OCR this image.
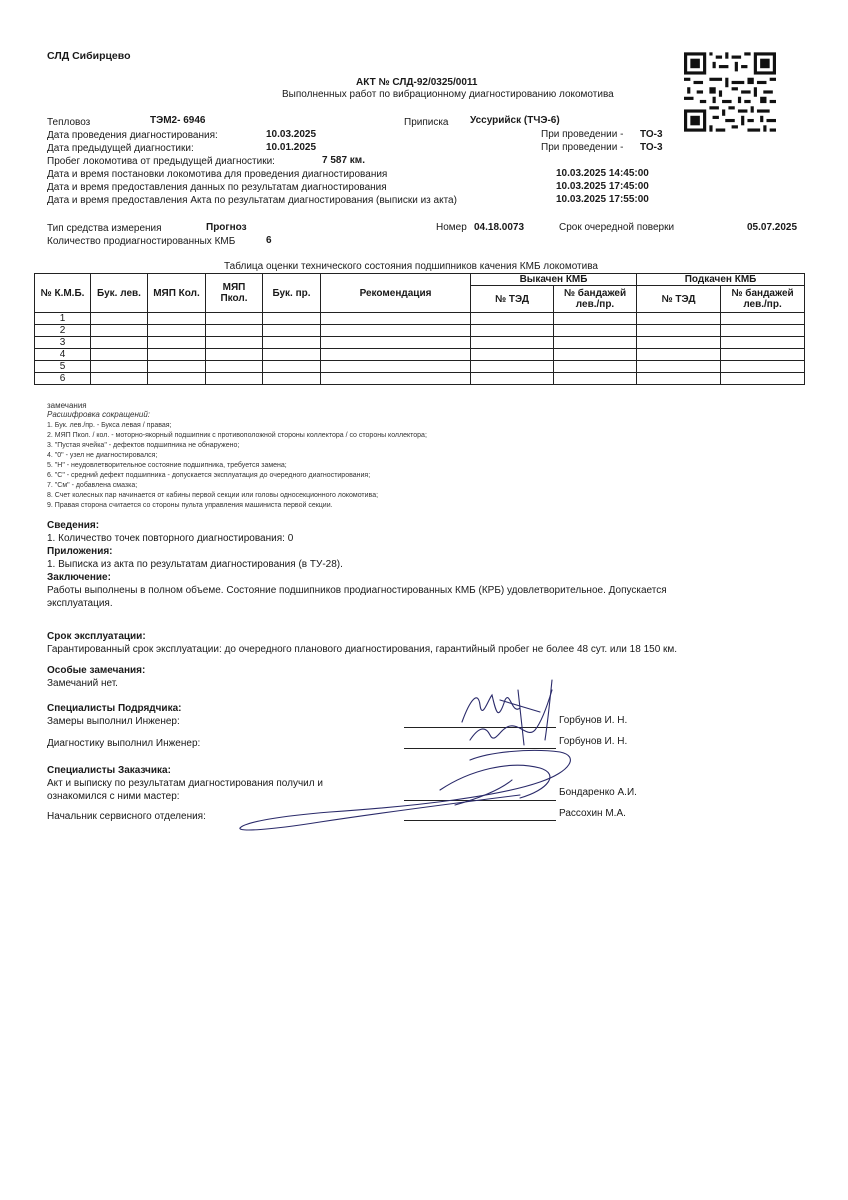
СЛД Сибирцево
АКТ № СЛД-92/0325/0011
Выполненных работ по вибрационному диагностированию локомотива
Тепловоз	ТЭМ2- 6946	Приписка Уссурийск (ТЧЭ-6)
Дата проведения диагностирования:	10.03.2025	При проведении - ТО-3
Дата предыдущей диагностики:	10.01.2025	При проведении - ТО-3
Пробег локомотива от предыдущей диагностики:	7 587 км.
Дата и время постановки локомотива для проведения диагностирования	10.03.2025 14:45:00
Дата и время предоставления данных по результатам диагностирования	10.03.2025 17:45:00
Дата и время предоставления Акта по результатам диагностирования (выписки из акта)	10.03.2025 17:55:00
Тип средства измерения	Прогноз	Номер 04.18.0073	Срок очередной поверки	05.07.2025
Количество продиагностированных КМБ	6
Таблица оценки технического состояния подшипников качения КМБ локомотива
№ К.М.Б.	Бук. лев.	МЯП Кол.	МЯП Пкол.	Бук. пр.	Рекомендация	Выкачен КМБ		Подкачен КМБ	
						№ ТЭД	№ бандажей лев./пр.	№ ТЭД	№ бандажей лев./пр.
1									
2									
3									
4									
5									
6									
замечания
Расшифровка сокращений:
1. Бук. лев./пр. - Букса левая / правая;
2. МЯП Пкол. / кол. - моторно-якорный подшипник с противоположной стороны коллектора / со стороны коллектора;
3. "Пустая ячейка" - дефектов подшипника не обнаружено;
4. "0" - узел не диагностировался;
5. "Н" - неудовлетворительное состояние подшипника, требуется замена;
6. "С" - средний дефект подшипника - допускается эксплуатация до очередного диагностирования;
7. "См" - добавлена смазка;
8. Счет колесных пар начинается от кабины первой секции или головы односекционного локомотива;
9. Правая сторона считается со стороны пульта управления машиниста первой секции.
Сведения:
1. Количество точек повторного диагностирования: 0
Приложения:
1. Выписка из акта по результатам диагностирования (в ТУ-28).
Заключение:
Работы выполнены в полном объеме. Состояние подшипников продиагностированных КМБ (КРБ) удовлетворительное. Допускается
эксплуатация.
Срок эксплуатации:
Гарантированный срок эксплуатации: до очередного планового диагностирования, гарантийный пробег не более 48 сут. или 18 150 км.
Особые замечания:
Замечаний нет.
Специалисты Подрядчика:
Замеры выполнил Инженер:	Горбунов И. Н.
Диагностику выполнил Инженер:	Горбунов И. Н.
Специалисты Заказчика:
Акт и выписку по результатам диагностирования получил и
ознакомился с ними мастер:	Бондаренко А.И.
Начальник сервисного отделения:	Рассохин М.А.
